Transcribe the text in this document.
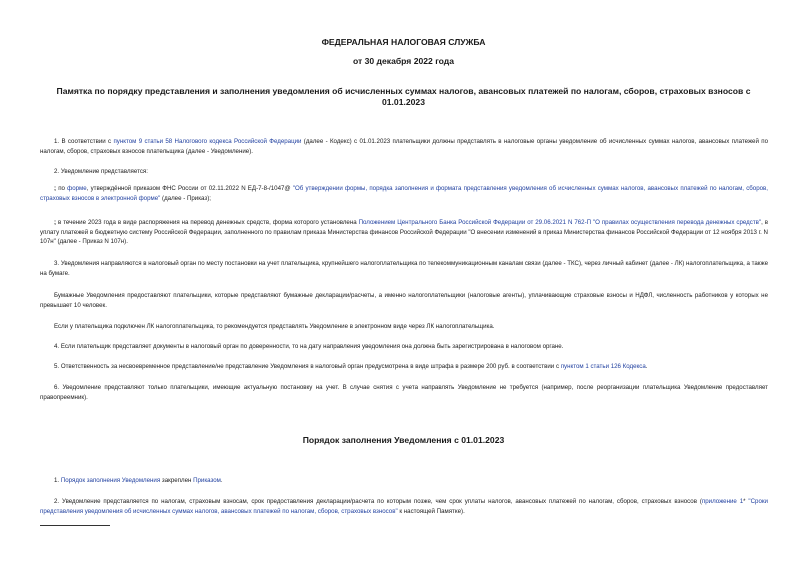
ФЕДЕРАЛЬНАЯ НАЛОГОВАЯ СЛУЖБА
от 30 декабря 2022 года
Памятка по порядку представления и заполнения уведомления об исчисленных суммах налогов, авансовых платежей по налогам, сборов, страховых взносов с 01.01.2023

1. В соответствии с пунктом 9 статьи 58 Налогового кодекса Российской Федерации (далее - Кодекс) с 01.01.2023 плательщики должны представлять в налоговые органы уведомление об исчисленных суммах налогов, авансовых платежей по налогам, сборов, страховых взносов плательщика (далее - Уведомление).

2. Уведомление представляется:

; по форме, утверждённой приказом ФНС России от 02.11.2022 N ЕД-7-8-/1047@ "Об утверждении формы, порядка заполнения и формата представления уведомления об исчисленных суммах налогов, авансовых платежей по налогам, сборов, страховых взносов в электронной форме" (далее - Приказ);

; в течение 2023 года в виде распоряжения на перевод денежных средств, форма которого установлена Положением Центрального Банка Российской Федерации от 29.06.2021 N 762-П "О правилах осуществления перевода денежных средств", в уплату платежей в бюджетную систему Российской Федерации, заполненного по правилам приказа Министерства финансов Российской Федерации "О внесении изменений в приказ Министерства финансов Российской Федерации от 12 ноября 2013 г. N 107н" (далее - Приказ N 107н).

3. Уведомления направляются в налоговый орган по месту постановки на учет плательщика, крупнейшего налогоплательщика по телекоммуникационным каналам связи (далее - ТКС), через личный кабинет (далее - ЛК) налогоплательщика, а также на бумаге.

Бумажные Уведомления предоставляют плательщики, которые представляют бумажные декларации/расчеты, а именно налогоплательщики (налоговые агенты), уплачивающие страховые взносы и НДФЛ, численность работников у которых не превышает 10 человек.

Если у плательщика подключен ЛК налогоплательщика, то рекомендуется представлять Уведомление в электронном виде через ЛК налогоплательщика.

4. Если плательщик представляет документы в налоговый орган по доверенности, то на дату направления уведомления она должна быть зарегистрирована в налоговом органе.

5. Ответственность за несвоевременное представление/не представление Уведомления в налоговый орган предусмотрена в виде штрафа в размере 200 руб. в соответствии с пунктом 1 статьи 126 Кодекса.

6. Уведомление представляют только плательщики, имеющие актуальную постановку на учет. В случае снятия с учета направлять Уведомление не требуется (например, после реорганизации плательщика Уведомление предоставляет правопреемник).

Порядок заполнения Уведомления с 01.01.2023

1. Порядок заполнения Уведомления закреплен Приказом.

2. Уведомление представляется по налогам, страховым взносам, срок предоставления декларации/расчета по которым позже, чем срок уплаты налогов, авансовых платежей по налогам, сборов, страховых взносов (приложение 1* "Сроки представления уведомления об исчисленных суммах налогов, авансовых платежей по налогам, сборов, страховых взносов" к настоящей Памятке).
